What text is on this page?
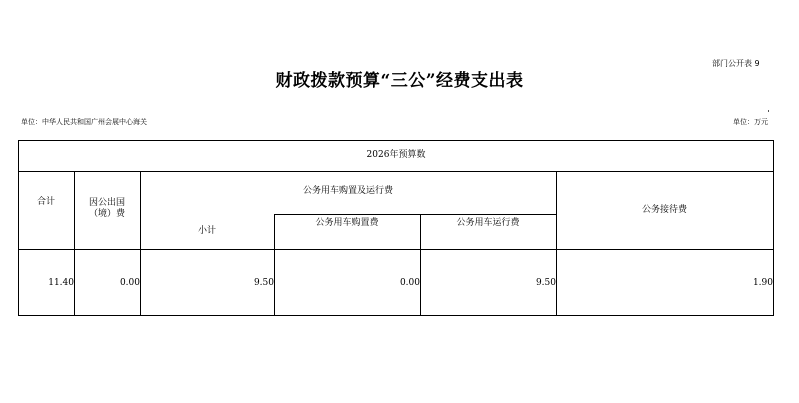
部门公开表 9
财政拨款预算“三公”经费支出表
单位：中华人民共和国广州会展中心海关	单位：万元
2026年预算数
合计	因公出国
（境）费
公务用车购置及运行费
小计
公务用车购置费	公务用车运行费
公务接待费
11.40	0.00	9.50	0.00	9.50	1.90
